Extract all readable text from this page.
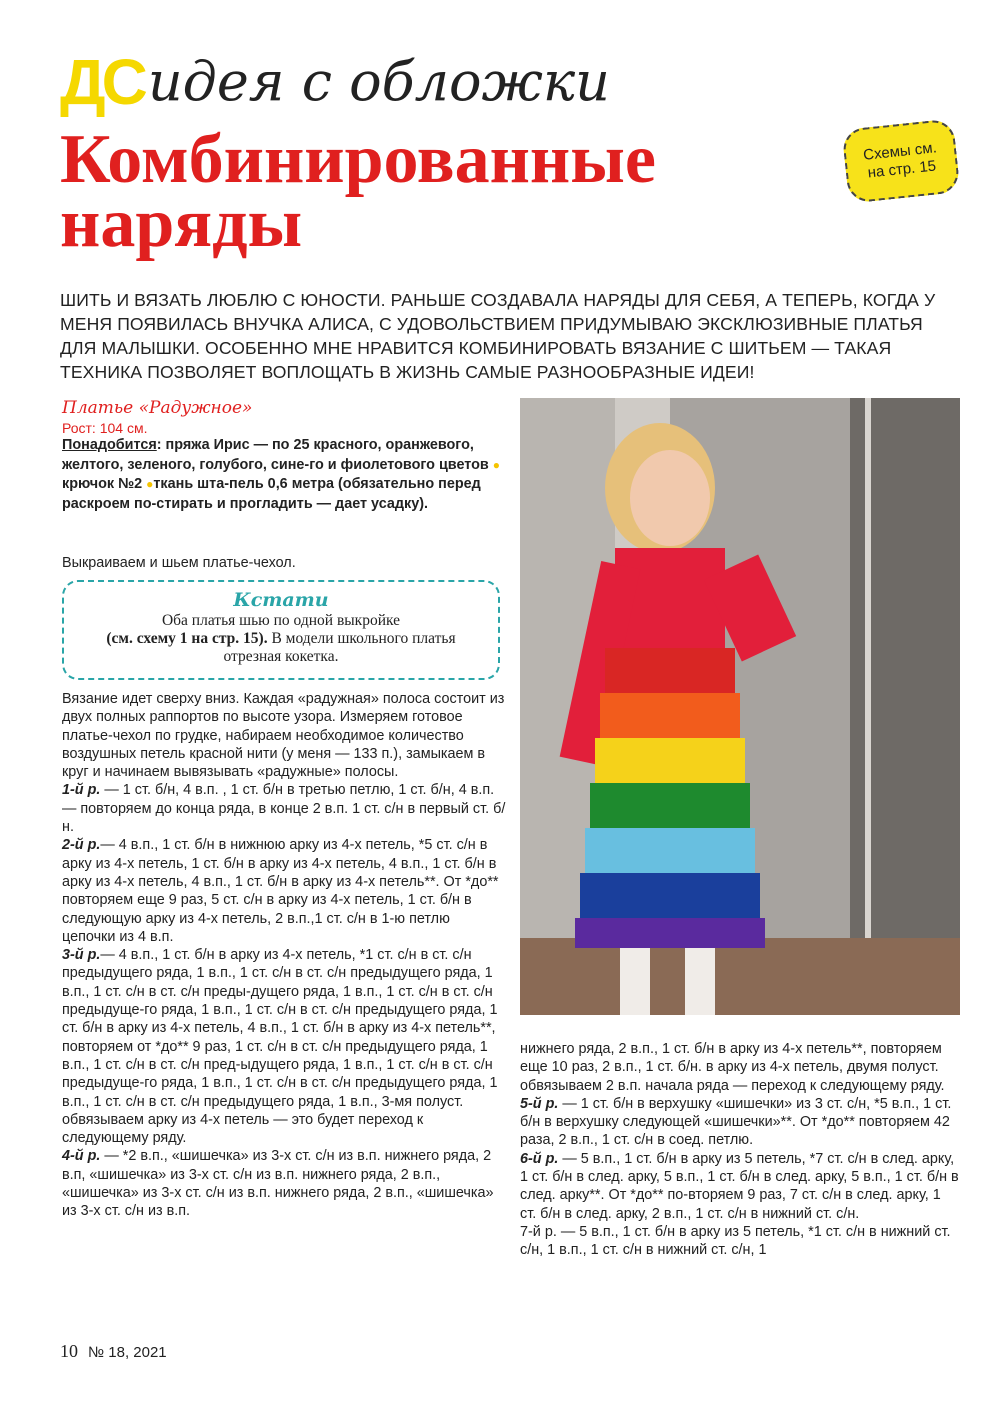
ДСидея с обложки
Комбинированные
наряды
Схемы см.
на стр. 15
ШИТЬ И ВЯЗАТЬ ЛЮБЛЮ С ЮНОСТИ. РАНЬШЕ СОЗДАВАЛА НАРЯДЫ ДЛЯ СЕБЯ, А ТЕПЕРЬ, КОГДА У МЕНЯ ПОЯВИЛАСЬ ВНУЧКА АЛИСА, С УДОВОЛЬСТВИЕМ ПРИДУМЫВАЮ ЭКСКЛЮЗИВНЫЕ ПЛАТЬЯ ДЛЯ МАЛЫШКИ. ОСОБЕННО МНЕ НРАВИТСЯ КОМБИНИРОВАТЬ ВЯЗАНИЕ С ШИТЬЕМ — ТАКАЯ ТЕХНИКА ПОЗВОЛЯЕТ ВОПЛОЩАТЬ В ЖИЗНЬ САМЫЕ РАЗНООБРАЗНЫЕ ИДЕИ!
Платье «Радужное»
Рост: 104 см.
Понадобится: пряжа Ирис — по 25 красного, оранжевого, желтого, зеленого, голубого, сине-го и фиолетового цветов ● крючок №2 ●ткань шта-пель 0,6 метра (обязательно перед раскроем по-стирать и прогладить — дает усадку).
Выкраиваем и шьем платье-чехол.
Кстати
Оба платья шью по одной выкройке
(см. схему 1 на стр. 15). В модели школьного платья
отрезная кокетка.

Вязание идет сверху вниз. Каждая «радужная» полоса состоит из двух полных раппортов по высоте узора. Измеряем готовое платье-чехол по грудке, набираем необходимое количество воздушных петель красной нити (у меня — 133 п.), замыкаем в круг и начинаем вывязывать «радужные» полосы.

1-й р. — 1 ст. б/н, 4 в.п. , 1 ст. б/н в третью петлю, 1 ст. б/н, 4 в.п. — повторяем до конца ряда, в конце 2 в.п. 1 ст. с/н в первый ст. б/н.

2-й р.— 4 в.п., 1 ст. б/н в нижнюю арку из 4-х петель, *5 ст. с/н в арку из 4-х петель, 1 ст. б/н в арку из 4-х петель, 4 в.п., 1 ст. б/н в арку из 4-х петель, 4 в.п., 1 ст. б/н в арку из 4-х петель**. От *до** повторяем еще 9 раз, 5 ст. с/н в арку из 4-х петель, 1 ст. б/н в следующую арку из 4-х петель, 2 в.п.,1 ст. с/н в 1-ю петлю цепочки из 4 в.п.

3-й р.— 4 в.п., 1 ст. б/н в арку из 4-х петель, *1 ст. с/н в ст. с/н предыдущего ряда, 1 в.п., 1 ст. с/н в ст. с/н предыдущего ряда, 1 в.п., 1 ст. с/н в ст. с/н преды-дущего ряда, 1 в.п., 1 ст. с/н в ст. с/н предыдуще-го ряда, 1 в.п., 1 ст. с/н в ст. с/н предыдущего ряда, 1 ст. б/н в арку из 4-х петель, 4 в.п., 1 ст. б/н в арку из 4-х петель**, повторяем от *до** 9 раз, 1 ст. с/н в ст. с/н предыдущего ряда, 1 в.п., 1 ст. с/н в ст. с/н пред-ыдущего ряда, 1 в.п., 1 ст. с/н в ст. с/н предыдуще-го ряда, 1 в.п., 1 ст. с/н в ст. с/н предыдущего ряда, 1 в.п., 1 ст. с/н в ст. с/н предыдущего ряда, 1 в.п., 3-мя полуст. обвязываем арку из 4-х петель — это будет переход к следующему ряду.

4-й р. — *2 в.п., «шишечка» из 3-х ст. с/н из в.п. нижнего ряда, 2 в.п, «шишечка» из 3-х ст. с/н из в.п. нижнего ряда, 2 в.п., «шишечка» из 3-х ст. с/н из в.п. нижнего ряда, 2 в.п., «шишечка» из 3-х ст. с/н из в.п.

нижнего ряда, 2 в.п., 1 ст. б/н в арку из 4-х петель**, повторяем еще 10 раз, 2 в.п., 1 ст. б/н. в арку из 4-х петель, двумя полуст. обвязываем 2 в.п. начала ряда — переход к следующему ряду.

5-й р. — 1 ст. б/н в верхушку «шишечки» из 3 ст. с/н, *5 в.п., 1 ст. б/н в верхушку следующей «шишечки»**. От *до** повторяем 42 раза, 2 в.п., 1 ст. с/н в соед. петлю.

6-й р. — 5 в.п., 1 ст. б/н в арку из 5 петель, *7 ст. с/н в след. арку, 1 ст. б/н в след. арку, 5 в.п., 1 ст. б/н в след. арку, 5 в.п., 1 ст. б/н в след. арку**. От *до** по-вторяем 9 раз, 7 ст. с/н в след. арку, 1 ст. б/н в след. арку, 2 в.п., 1 ст. с/н в нижний ст. с/н.

7-й р. — 5 в.п., 1 ст. б/н в арку из 5 петель, *1 ст. с/н в нижний ст. с/н, 1 в.п., 1 ст. с/н в нижний ст. с/н, 1

10 № 18, 2021
